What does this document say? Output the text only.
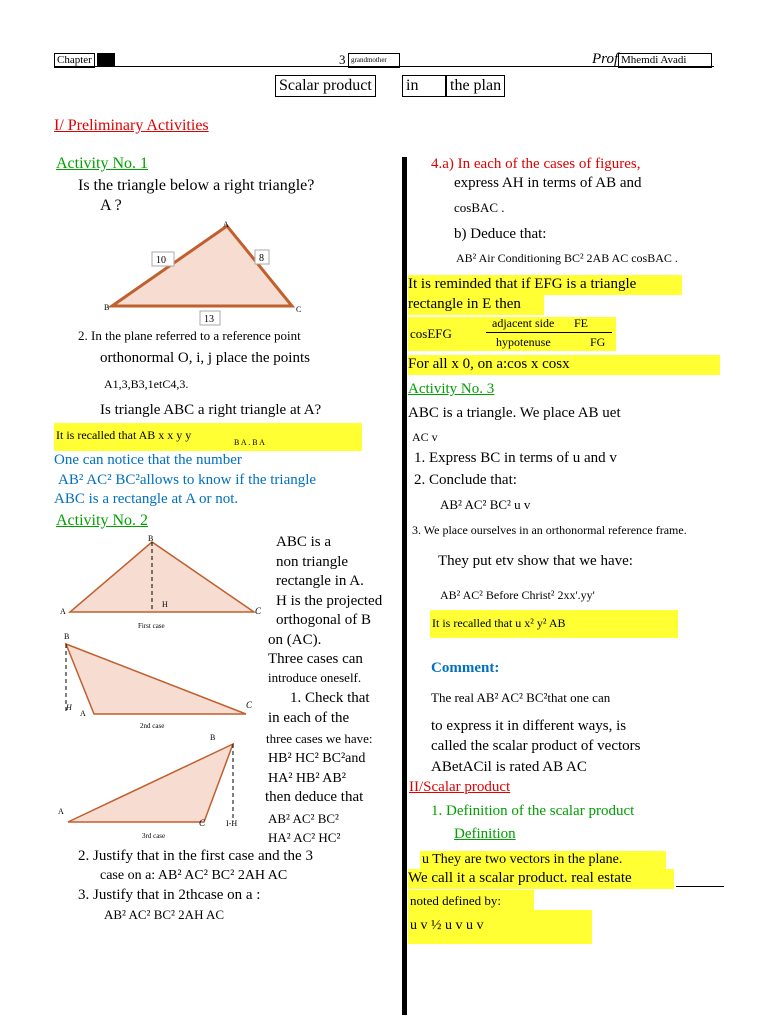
Chapter	3 grandmother	Prof Mhemdi Avadi
Scalar product in	the plan
I/ Preliminary Activities
Activity No. 1
Is the triangle below a right triangle?
A ?
A
B	C
10	8
13
2. In the plane referred to a reference point
orthonormal O, i, j place the points
A1,3,B3,1etC4,3.
Is triangle ABC a right triangle at A?
It is recalled that AB x x y y
B A . B A
One can notice that the number
AB² AC² BC²allows to know if the triangle
ABC is a rectangle at A or not.
Activity No. 2
B
A	C
H
First case
B
H
A
C
2nd case
B
A
C	I-H
3rd case
ABC is a
non triangle
rectangle in A.
H is the projected
orthogonal of B
on (AC).
Three cases can
introduce oneself.
1. Check that
in each of the
three cases we have:
HB² HC² BC²and
HA² HB² AB²
then deduce that
AB² AC² BC²
HA² AC² HC²
2. Justify that in the first case and the 3
case on a: AB² AC² BC² 2AH AC
3. Justify that in 2thcase on a :
AB² AC² BC² 2AH AC
4.a) In each of the cases of figures,
express AH in terms of AB and
cosBAC .
b) Deduce that:
AB² Air Conditioning BC² 2AB AC cosBAC .
It is reminded that if EFG is a triangle
rectangle in E then
cosEFG
adjacent side FE
hypotenuse	FG
For all x 0, on a:cos x cosx
Activity No. 3
ABC is a triangle. We place AB uet
AC v
1. Express BC in terms of u and v
2. Conclude that:
AB² AC² BC² u v
3. We place ourselves in an orthonormal reference frame.
They put etv show that we have:
AB² AC² Before Christ² 2xx'.yy'
It is recalled that u x² y² AB
Comment:
The real AB² AC² BC²that one can
to express it in different ways, is
called the scalar product of vectors
ABetACil is rated AB AC
II/Scalar product
1. Definition of the scalar product
Definition
u They are two vectors in the plane.
We call it a scalar product. real estate
noted defined by:
u v ½ u v u v
